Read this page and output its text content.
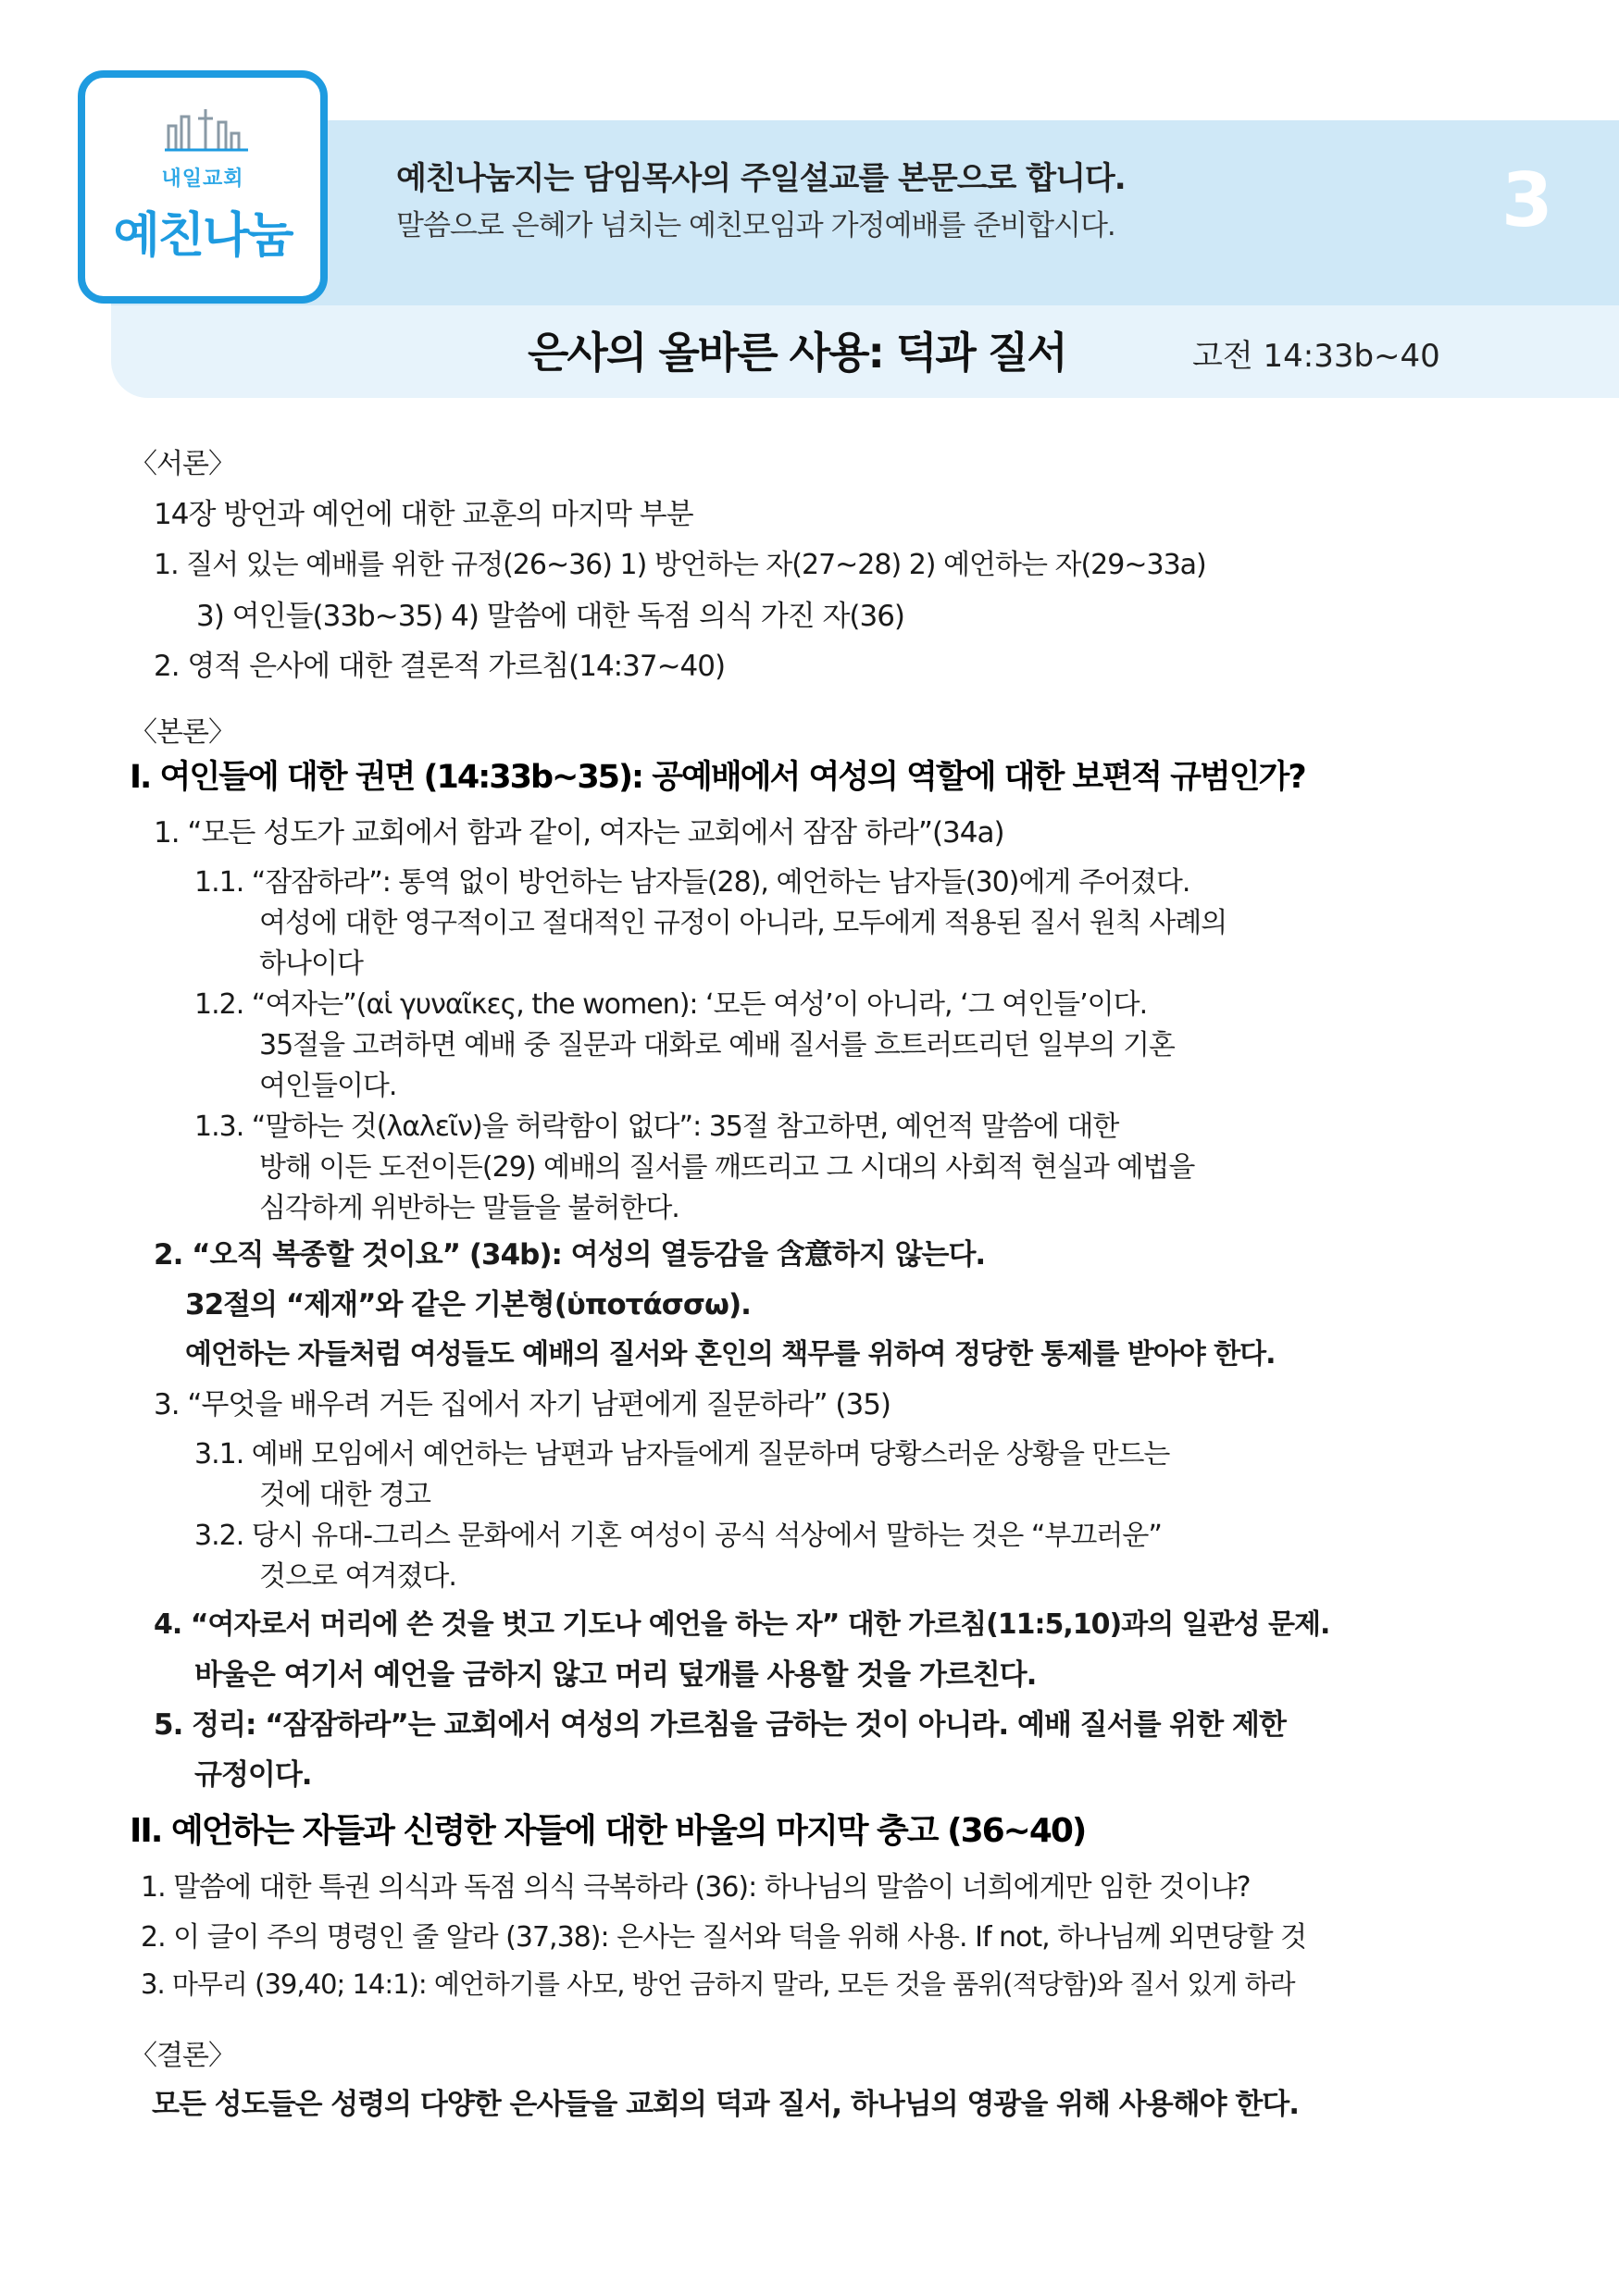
내일교회
예친나눔
예친나눔지는 담임목사의 주일설교를 본문으로 합니다.
말씀으로 은혜가 넘치는 예친모임과 가정예배를 준비합시다.	3
은사의 올바른 사용: 덕과 질서	고전 14:33b~40
〈서론〉
14장 방언과 예언에 대한 교훈의 마지막 부분
1. 질서 있는 예배를 위한 규정(26~36) 1) 방언하는 자(27~28) 2) 예언하는 자(29~33a)
3) 여인들(33b~35) 4) 말씀에 대한 독점 의식 가진 자(36)
2. 영적 은사에 대한 결론적 가르침(14:37~40)
〈본론〉
I. 여인들에 대한 권면 (14:33b~35): 공예배에서 여성의 역할에 대한 보편적 규범인가?
1. “모든 성도가 교회에서 함과 같이, 여자는 교회에서 잠잠 하라”(34a)
1.1. “잠잠하라”: 통역 없이 방언하는 남자들(28), 예언하는 남자들(30)에게 주어졌다.
여성에 대한 영구적이고 절대적인 규정이 아니라, 모두에게 적용된 질서 원칙 사례의
하나이다
1.2. “여자는”(αἱ γυναῖκες, the women): ‘모든 여성’이 아니라, ‘그 여인들’이다.
35절을 고려하면 예배 중 질문과 대화로 예배 질서를 흐트러뜨리던 일부의 기혼
여인들이다.
1.3. “말하는 것(λαλεῖν)을 허락함이 없다”: 35절 참고하면, 예언적 말씀에 대한
방해 이든 도전이든(29) 예배의 질서를 깨뜨리고 그 시대의 사회적 현실과 예법을
심각하게 위반하는 말들을 불허한다.
2. “오직 복종할 것이요” (34b): 여성의 열등감을 含意하지 않는다.
32절의 “제재”와 같은 기본형(ὑποτάσσω).
예언하는 자들처럼 여성들도 예배의 질서와 혼인의 책무를 위하여 정당한 통제를 받아야 한다.
3. “무엇을 배우려 거든 집에서 자기 남편에게 질문하라” (35)
3.1. 예배 모임에서 예언하는 남편과 남자들에게 질문하며 당황스러운 상황을 만드는
것에 대한 경고
3.2. 당시 유대-그리스 문화에서 기혼 여성이 공식 석상에서 말하는 것은 “부끄러운”
것으로 여겨졌다.
4. “여자로서 머리에 쓴 것을 벗고 기도나 예언을 하는 자” 대한 가르침(11:5,10)과의 일관성 문제.
바울은 여기서 예언을 금하지 않고 머리 덮개를 사용할 것을 가르친다.
5. 정리: “잠잠하라”는 교회에서 여성의 가르침을 금하는 것이 아니라. 예배 질서를 위한 제한
규정이다.
II. 예언하는 자들과 신령한 자들에 대한 바울의 마지막 충고 (36~40)
1. 말씀에 대한 특권 의식과 독점 의식 극복하라 (36): 하나님의 말씀이 너희에게만 임한 것이냐?
2. 이 글이 주의 명령인 줄 알라 (37,38): 은사는 질서와 덕을 위해 사용. If not, 하나님께 외면당할 것
3. 마무리 (39,40; 14:1): 예언하기를 사모, 방언 금하지 말라, 모든 것을 품위(적당함)와 질서 있게 하라
〈결론〉
모든 성도들은 성령의 다양한 은사들을 교회의 덕과 질서, 하나님의 영광을 위해 사용해야 한다.
